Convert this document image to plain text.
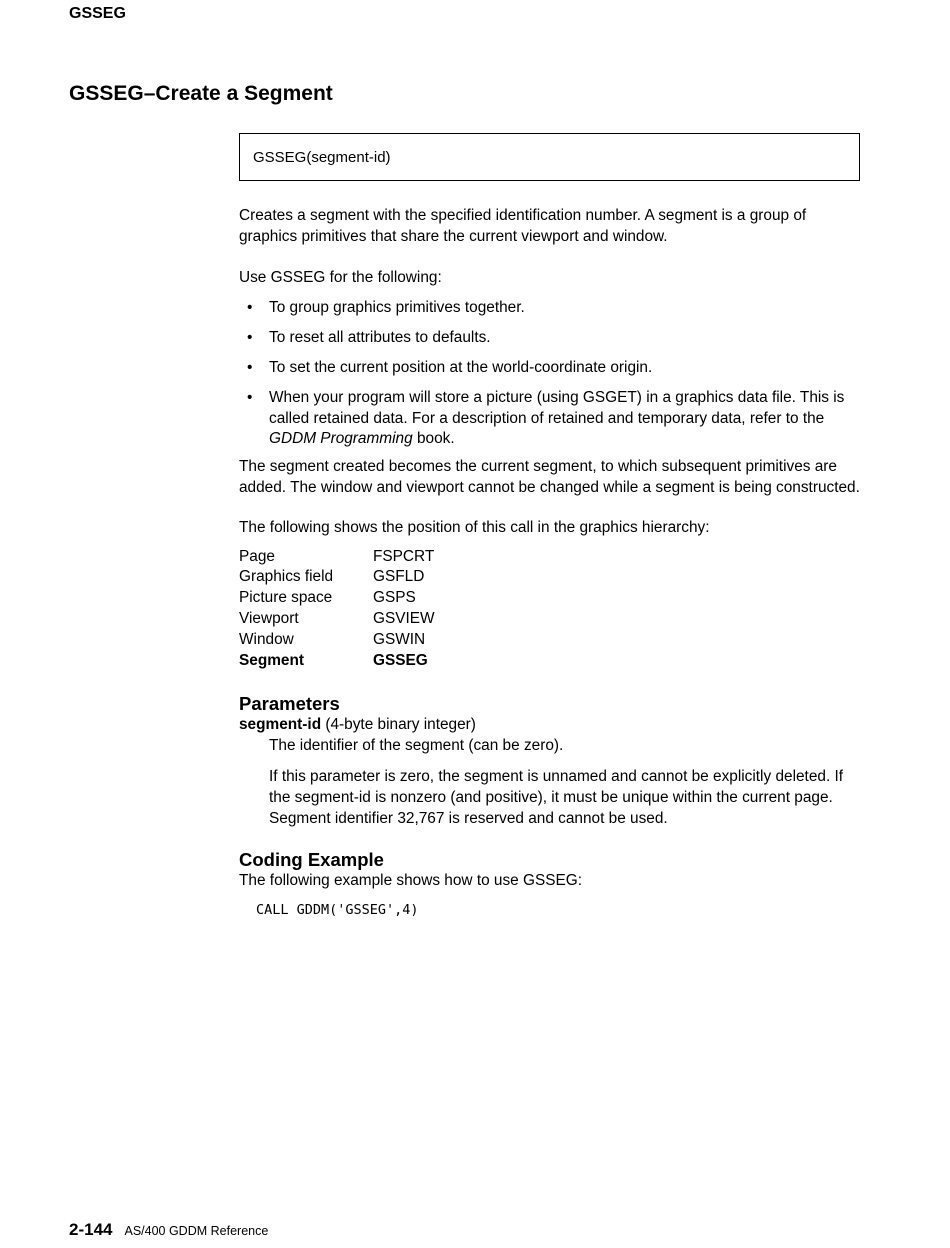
GSSEG
GSSEG–Create a Segment
GSSEG(segment-id)

Creates a segment with the specified identification number. A segment is a group of graphics primitives that share the current viewport and window.

Use GSSEG for the following:

• To group graphics primitives together.
• To reset all attributes to defaults.
• To set the current position at the world-coordinate origin.
• When your program will store a picture (using GSGET) in a graphics data file. This is called retained data. For a description of retained and temporary data, refer to the GDDM Programming book.

The segment created becomes the current segment, to which subsequent primitives are added. The window and viewport cannot be changed while a segment is being constructed.

The following shows the position of this call in the graphics hierarchy:

Page	FSPCRT
Graphics field	GSFLD
Picture space	GSPS
Viewport	GSVIEW
Window	GSWIN
Segment	GSSEG
Parameters

segment-id (4-byte binary integer)

The identifier of the segment (can be zero).

If this parameter is zero, the segment is unnamed and cannot be explicitly deleted. If the segment-id is nonzero (and positive), it must be unique within the current page. Segment identifier 32,767 is reserved and cannot be used.

Coding Example

The following example shows how to use GSSEG:

CALL GDDM('GSSEG',4)
2-144 AS/400 GDDM Reference
